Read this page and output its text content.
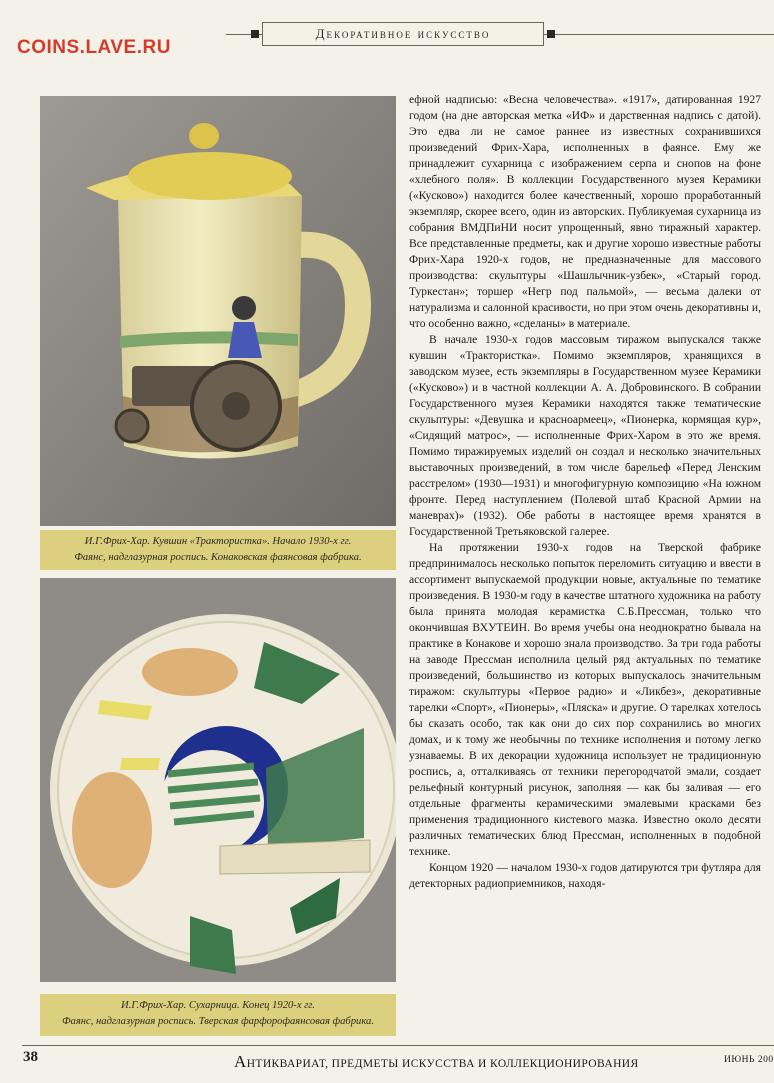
COINS.LAVE.RU
Декоративное искусство
И.Г.Фрих-Хар. Кувшин «Трактористка». Начало 1930-х гг.
Фаянс, надглазурная роспись. Конаковская фаянсовая фабрика.
И.Г.Фрих-Хар. Сухарница. Конец 1920-х гг.
Фаянс, надглазурная роспись. Тверская фарфорофаянсовая фабрика.

ефной надписью: «Весна человечества». «1917», датированная 1927 годом (на дне авторская метка «ИФ» и дарственная надпись с датой). Это едва ли не самое раннее из известных сохранившихся произведений Фрих-Хара, исполненных в фаянсе. Ему же принадлежит сухарница с изображением серпа и снопов на фоне «хлебного поля». В коллекции Государственного музея Керамики («Кусково») находится более качественный, хорошо проработанный экземпляр, скорее всего, один из авторских. Публикуемая сухарница из собрания ВМДПиНИ носит упрощенный, явно тиражный характер. Все представленные предметы, как и другие хорошо известные работы Фрих-Хара 1920-х годов, не предназначенные для массового производства: скульптуры «Шашлычник-узбек», «Старый город. Туркестан»; торшер «Негр под пальмой», — весьма далеки от натурализма и салонной красивости, но при этом очень декоративны и, что особенно важно, «сделаны» в материале.

В начале 1930-х годов массовым тиражом выпускался также кувшин «Трактористка». Помимо экземпляров, хранящихся в заводском музее, есть экземпляры в Государственном музее Керамики («Кусково») и в частной коллекции А. А. Добровинского. В собрании Государственного музея Керамики находятся также тематические скульптуры: «Девушка и красноармеец», «Пионерка, кормящая кур», «Сидящий матрос», — исполненные Фрих-Харом в это же время. Помимо тиражируемых изделий он создал и несколько значительных выставочных произведений, в том числе барельеф «Перед Ленским расстрелом» (1930—1931) и многофигурную композицию «На южном фронте. Перед наступлением (Полевой штаб Красной Армии на маневрах)» (1932). Обе работы в настоящее время хранятся в Государственной Третьяковской галерее.

На протяжении 1930-х годов на Тверской фабрике предпринималось несколько попыток переломить ситуацию и ввести в ассортимент выпускаемой продукции новые, актуальные по тематике произведения. В 1930-м году в качестве штатного художника на работу была принята молодая керамистка С.Б.Прессман, только что окончившая ВХУТЕИН. Во время учебы она неоднократно бывала на практике в Конакове и хорошо знала производство. За три года работы на заводе Прессман исполнила целый ряд актуальных по тематике произведений, большинство из которых выпускалось значительным тиражом: скульптуры «Первое радио» и «Ликбез», декоративные тарелки «Спорт», «Пионеры», «Пляска» и другие. О тарелках хотелось бы сказать особо, так как они до сих пор сохранились во многих домах, и к тому же необычны по технике исполнения и потому легко узнаваемы. В их декорации художница использует не традиционную роспись, а, отталкиваясь от техники перегородчатой эмали, создает рельефный контурный рисунок, заполняя — как бы заливая — его отдельные фрагменты керамическими эмалевыми красками без применения традиционного кистевого мазка. Известно около десяти различных тематических блюд Прессман, исполненных в подобной технике.

Концом 1920 — началом 1930-х годов датируются три футляра для детекторных радиоприемников, находя-

38	АНТИКВАРИАТ, ПРЕДМЕТЫ ИСКУССТВА И КОЛЛЕКЦИОНИРОВАНИЯ	ИЮНЬ 200
